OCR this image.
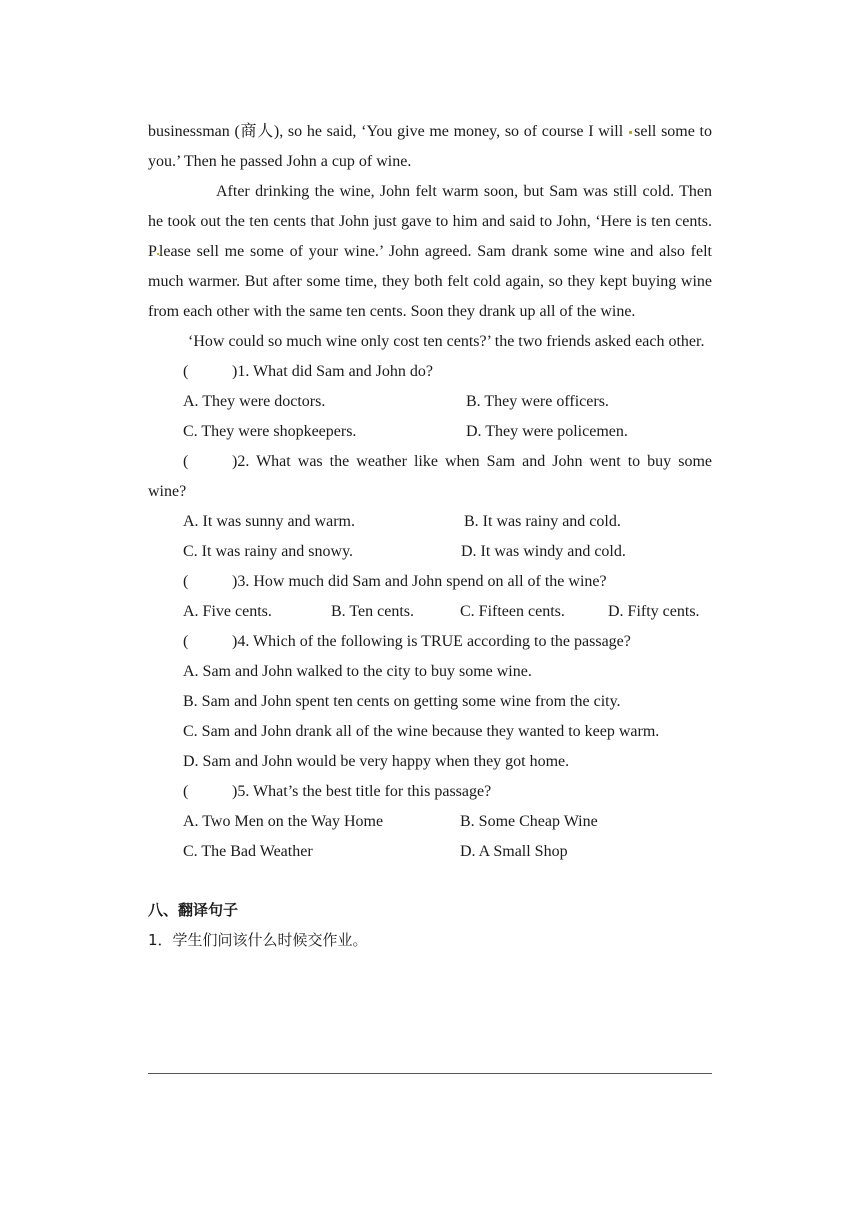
businessman (商人), so he said, ‘You give me money, so of course I will sell some to you.’ Then he passed John a cup of wine.

After drinking the wine, John felt warm soon, but Sam was still cold. Then he took out the ten cents that John just gave to him and said to John, ‘Here is ten cents. P lease sell me some of your wine.’ John agreed. Sam drank some wine and also felt much warmer. But after some time, they both felt cold again, so they kept buying wine from each other with the same ten cents. Soon they drank up all of the wine.

‘How could so much wine only cost ten cents?’ the two friends asked each other.

(	)1. What did Sam and John do?
A. They were doctors.	B. They were officers.
C. They were shopkeepers.	D. They were policemen.
(	)2. What was the weather like when Sam and John went to buy some wine?
A. It was sunny and warm.	B. It was rainy and cold.
C. It was rainy and snowy.	D. It was windy and cold.
(	)3. How much did Sam and John spend on all of the wine?
A. Five cents.	B. Ten cents.	C. Fifteen cents.	D. Fifty cents.
(	)4. Which of the following is TRUE according to the passage?
A. Sam and John walked to the city to buy some wine.
B. Sam and John spent ten cents on getting some wine from the city.
C. Sam and John drank all of the wine because they wanted to keep warm.
D. Sam and John would be very happy when they got home.
(	)5. What’s the best title for this passage?
A. Two Men on the Way Home	B. Some Cheap Wine
C. The Bad Weather	D. A Small Shop
八、翻译句子
1．学生们问该什么时候交作业。
